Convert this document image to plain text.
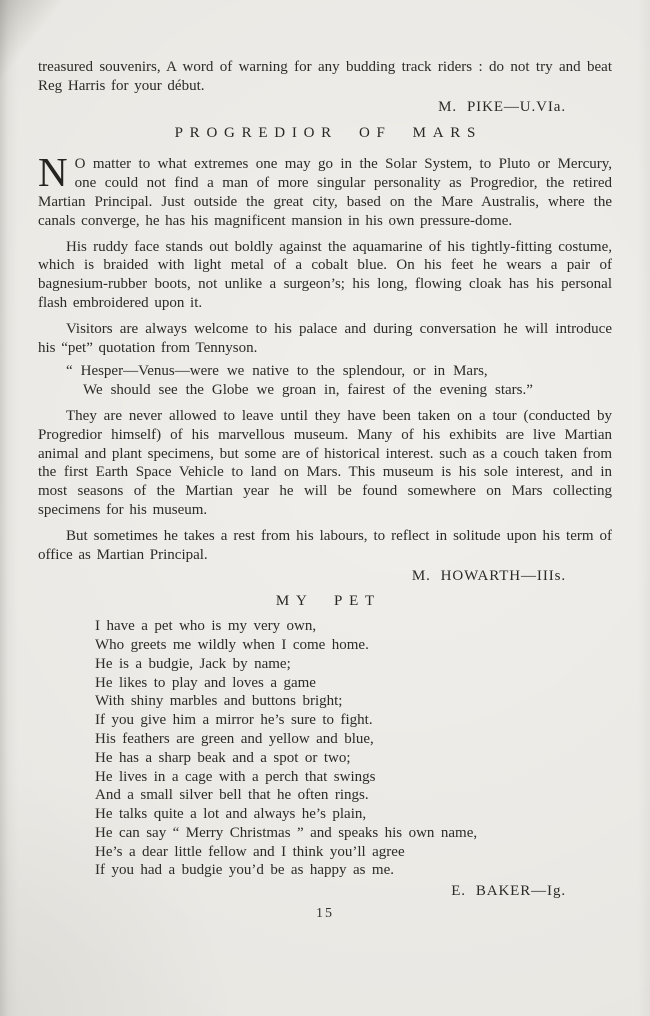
treasured souvenirs, A word of warning for any budding track riders : do not try and beat Reg Harris for your début.

M. PIKE—U.VIa.
PROGREDIOR OF MARS

N O matter to what extremes one may go in the Solar System, to Pluto or Mercury, one could not find a man of more singular personality as Progredior, the retired Martian Principal. Just outside the great city, based on the Mare Australis, where the canals converge, he has his magnificent mansion in his own pressure-dome.

His ruddy face stands out boldly against the aquamarine of his tightly-fitting costume, which is braided with light metal of a cobalt blue. On his feet he wears a pair of bagnesium-rubber boots, not unlike a surgeon’s; his long, flowing cloak has his personal flash embroidered upon it.

Visitors are always welcome to his palace and during conversation he will introduce his “pet” quotation from Tennyson.

“ Hesper—Venus—were we native to the splendour, or in Mars,
We should see the Globe we groan in, fairest of the evening stars.”

They are never allowed to leave until they have been taken on a tour (conducted by Progredior himself) of his marvellous museum. Many of his exhibits are live Martian animal and plant specimens, but some are of historical interest. such as a couch taken from the first Earth Space Vehicle to land on Mars. This museum is his sole interest, and in most seasons of the Martian year he will be found somewhere on Mars collecting specimens for his museum.

But sometimes he takes a rest from his labours, to reflect in solitude upon his term of office as Martian Principal.

M. HOWARTH—IIIs.
MY PET
I have a pet who is my very own,
Who greets me wildly when I come home.
He is a budgie, Jack by name;
He likes to play and loves a game
With shiny marbles and buttons bright;
If you give him a mirror he’s sure to fight.
His feathers are green and yellow and blue,
He has a sharp beak and a spot or two;
He lives in a cage with a perch that swings
And a small silver bell that he often rings.
He talks quite a lot and always he’s plain,
He can say “ Merry Christmas ” and speaks his own name,
He’s a dear little fellow and I think you’ll agree
If you had a budgie you’d be as happy as me.
E. BAKER—Ig.
15
